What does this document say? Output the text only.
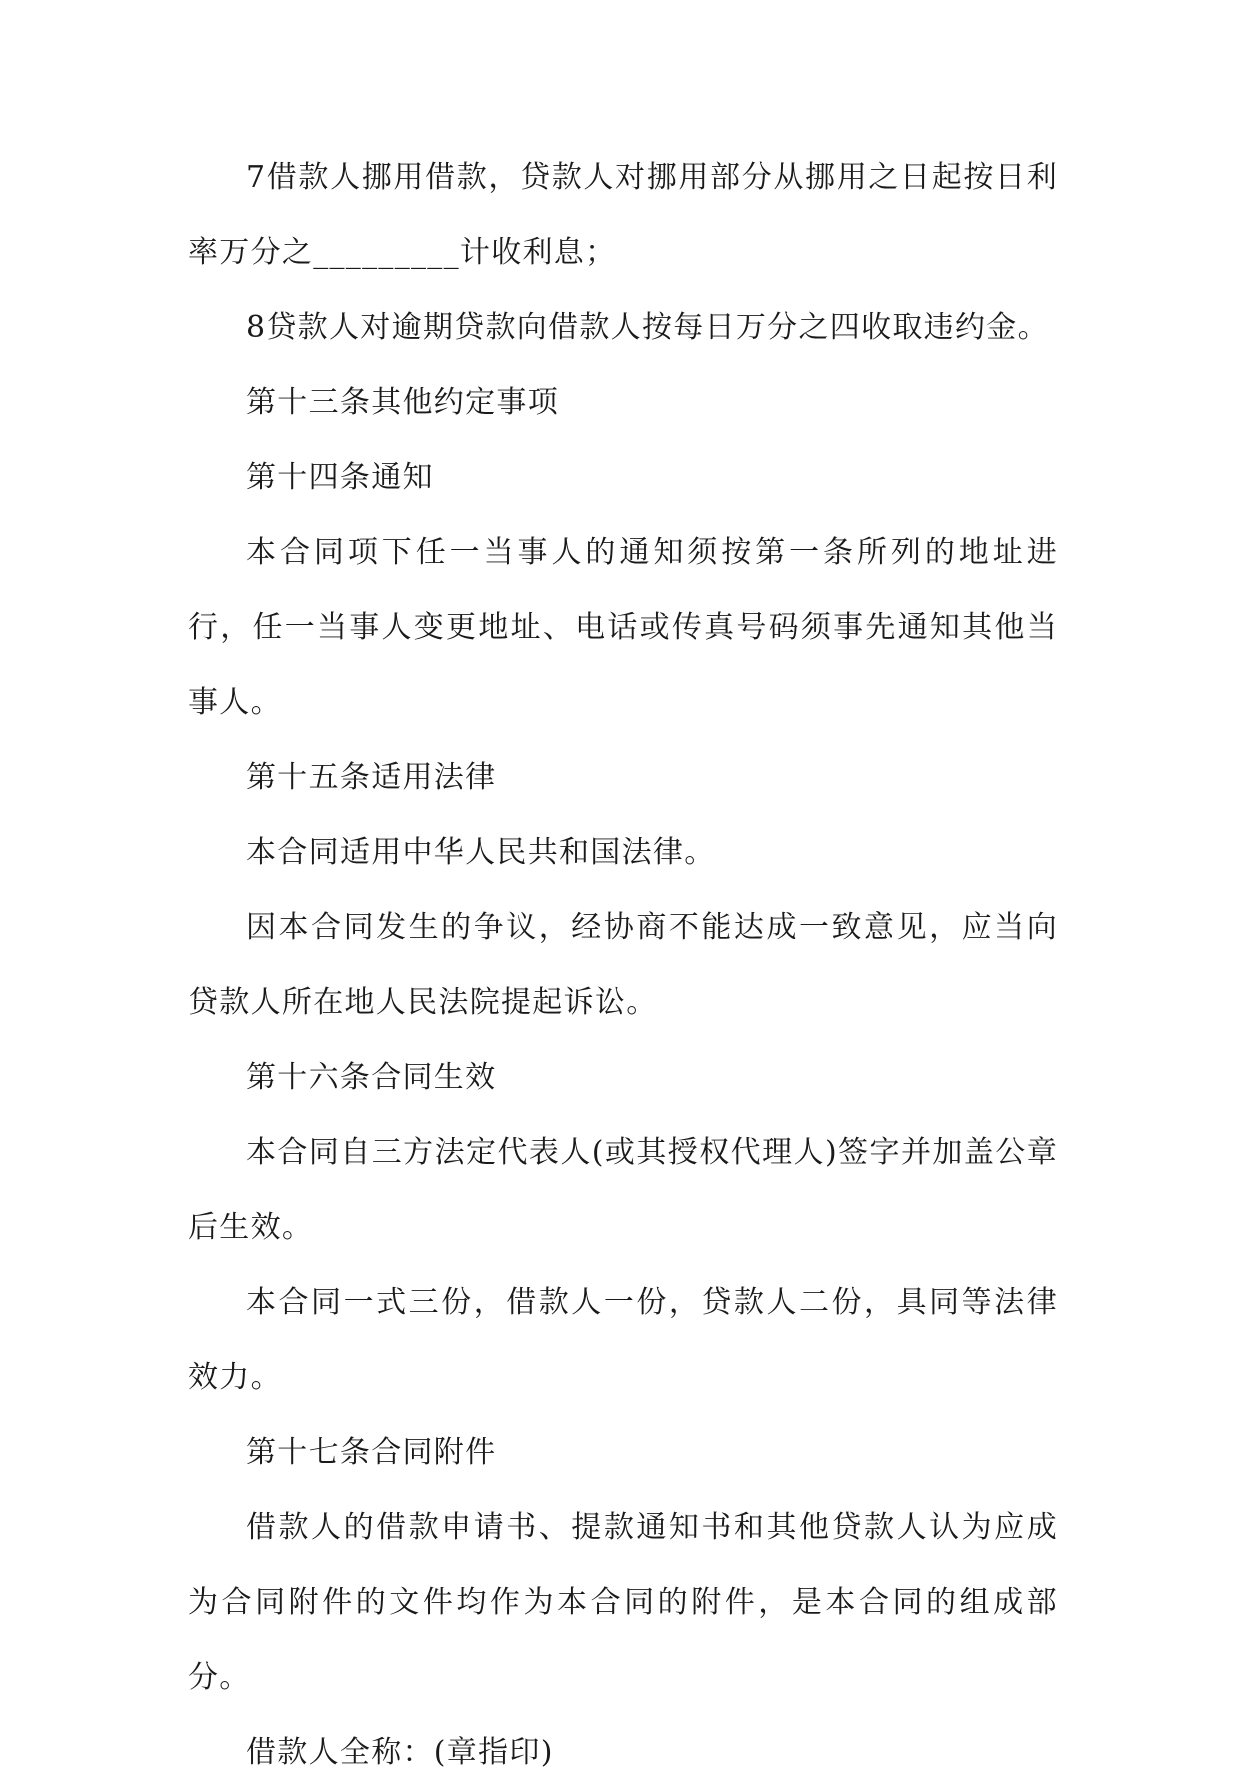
7借款人挪用借款，贷款人对挪用部分从挪用之日起按日利率万分之_________计收利息；

8贷款人对逾期贷款向借款人按每日万分之四收取违约金。

第十三条其他约定事项

第十四条通知

本合同项下任一当事人的通知须按第一条所列的地址进行，任一当事人变更地址、电话或传真号码须事先通知其他当事人。

第十五条适用法律

本合同适用中华人民共和国法律。

因本合同发生的争议，经协商不能达成一致意见，应当向贷款人所在地人民法院提起诉讼。

第十六条合同生效

本合同自三方法定代表人(或其授权代理人)签字并加盖公章后生效。

本合同一式三份，借款人一份，贷款人二份，具同等法律效力。

第十七条合同附件

借款人的借款申请书、提款通知书和其他贷款人认为应成为合同附件的文件均作为本合同的附件，是本合同的组成部分。

借款人全称：(章指印)
